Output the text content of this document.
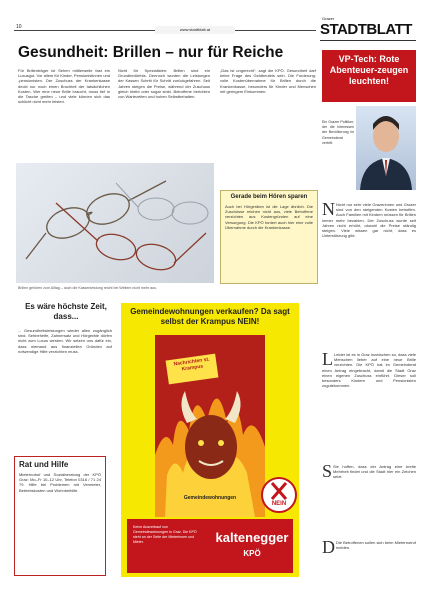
10	www.stadtblatt.at
Grazer
STADTBLATT
Gesundheit: Brillen – nur für Reiche
Für Brillenträger ist Sehen mittlerweile fast ein Luxusgut. Vor allem für Kinder, Pensionistinnen und -pensionisten. Der Zuschuss der Krankenkasse deckt nur noch einen Bruchteil der tatsächlichen Kosten. Wer eine neue Brille braucht, muss tief in die Tasche greifen – und viele können sich das schlicht nicht mehr leisten.
Nicht für Spezialisten: Brillen sind ein Grundbedürfnis. Dennoch wurden die Leistungen der Kassen Schritt für Schritt zurückgefahren. Seit Jahren steigen die Preise, während der Zuschuss gleich bleibt oder sogar sinkt. Betroffene berichten von Wartezeiten und hohen Selbstbehalten.
„Das ist ungerecht“, sagt die KPÖ. Gesundheit darf keine Frage des Geldbeutels sein. Die Forderung: volle Kostenübernahme für Brillen durch die Krankenkasse, besonders für Kinder und Menschen mit geringem Einkommen.
Brillen gehören zum Alltag – doch die Kassenleistung reicht bei Weitem nicht mehr aus.
Gerade beim Hören sparen
Auch bei Hörgeräten ist die Lage ähnlich. Die Zuschüsse reichen nicht aus, viele Betroffene verzichten aus Kostengründen auf eine Versorgung. Die KPÖ fordert auch hier eine volle Übernahme durch die Krankenkasse.
VP-Tech: Rote Abenteuer-zeugen leuchten!
Ein Grazer Politiker, der die Interessen der Bevölkerung im Gemeinderat vertritt.
N Nicht nur sehr viele Grazerinnen und Grazer sind von den steigenden Kosten betroffen. Auch Familien mit Kindern müssen für Brillen immer mehr bezahlen. Der Zuschuss wurde seit Jahren nicht erhöht, obwohl die Preise ständig steigen. Viele wissen gar nicht, dass es Unterstützung gibt.
L Leider ist es in Graz inzwischen so, dass viele Menschen lieber auf eine neue Brille verzichten. Die KPÖ hat im Gemeinderat einen Antrag eingebracht, damit die Stadt Graz einen eigenen Zuschuss einführt. Dieser soll besonders Kindern und Pensionisten zugutekommen.
S Sie hoffen, dass der Antrag eine breite Mehrheit findet und die Stadt hier ein Zeichen setzt.
D Die Betroffenen sollen sich beim Mieternotruf melden.
Es wäre höchste Zeit, dass...
... Gesundheitsleistungen wieder allen zugänglich sind. Sehbehelfe, Zahnersatz und Hörgeräte dürfen nicht zum Luxus werden. Wir setzen uns dafür ein, dass niemand aus finanziellen Gründen auf notwendige Hilfe verzichten muss.
Gemeindewohnungen verkaufen? Da sagt selbst der Krampus NEIN!
Nachrichten st. Krampus
Gemeindewohnungen
NEIN
Keine Ausverkauf von Gemeindewohnungen in Graz. Die KPÖ steht an der Seite der Mieterinnen und Mieter.	kaltenegger
KPÖ
Rat und Hilfe
Mieternotruf und Sozialberatung der KPÖ Graz: Mo–Fr 10–12 Uhr, Telefon 0316 / 71 24 79. Hilfe bei Problemen mit Vermieter, Betriebskosten und Wohnbeihilfe.
